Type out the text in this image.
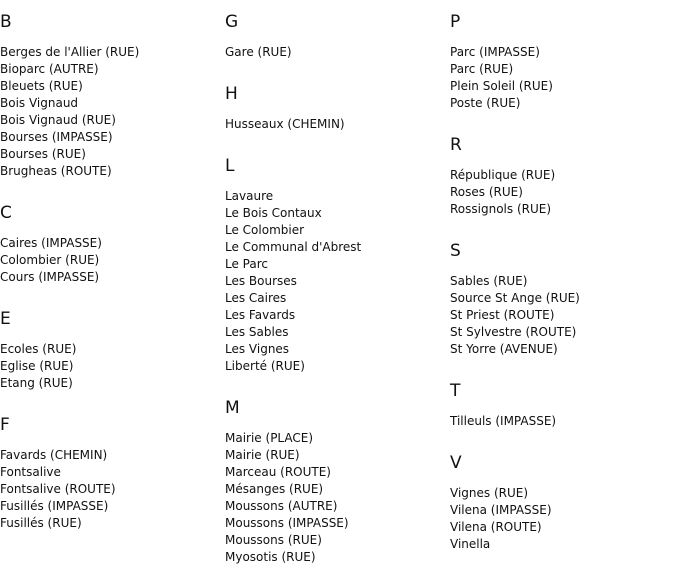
B
Berges de l'Allier (RUE)
Bioparc (AUTRE)
Bleuets (RUE)
Bois Vignaud
Bois Vignaud (RUE)
Bourses (IMPASSE)
Bourses (RUE)
Brugheas (ROUTE)
C
Caires (IMPASSE)
Colombier (RUE)
Cours (IMPASSE)
E
Ecoles (RUE)
Eglise (RUE)
Etang (RUE)
F
Favards (CHEMIN)
Fontsalive
Fontsalive (ROUTE)
Fusillés (IMPASSE)
Fusillés (RUE)
G
Gare (RUE)
H
Husseaux (CHEMIN)
L
Lavaure
Le Bois Contaux
Le Colombier
Le Communal d'Abrest
Le Parc
Les Bourses
Les Caires
Les Favards
Les Sables
Les Vignes
Liberté (RUE)
M
Mairie (PLACE)
Mairie (RUE)
Marceau (ROUTE)
Mésanges (RUE)
Moussons (AUTRE)
Moussons (IMPASSE)
Moussons (RUE)
Myosotis (RUE)
P
Parc (IMPASSE)
Parc (RUE)
Plein Soleil (RUE)
Poste (RUE)
R
République (RUE)
Roses (RUE)
Rossignols (RUE)
S
Sables (RUE)
Source St Ange (RUE)
St Priest (ROUTE)
St Sylvestre (ROUTE)
St Yorre (AVENUE)
T
Tilleuls (IMPASSE)
V
Vignes (RUE)
Vilena (IMPASSE)
Vilena (ROUTE)
Vinella
